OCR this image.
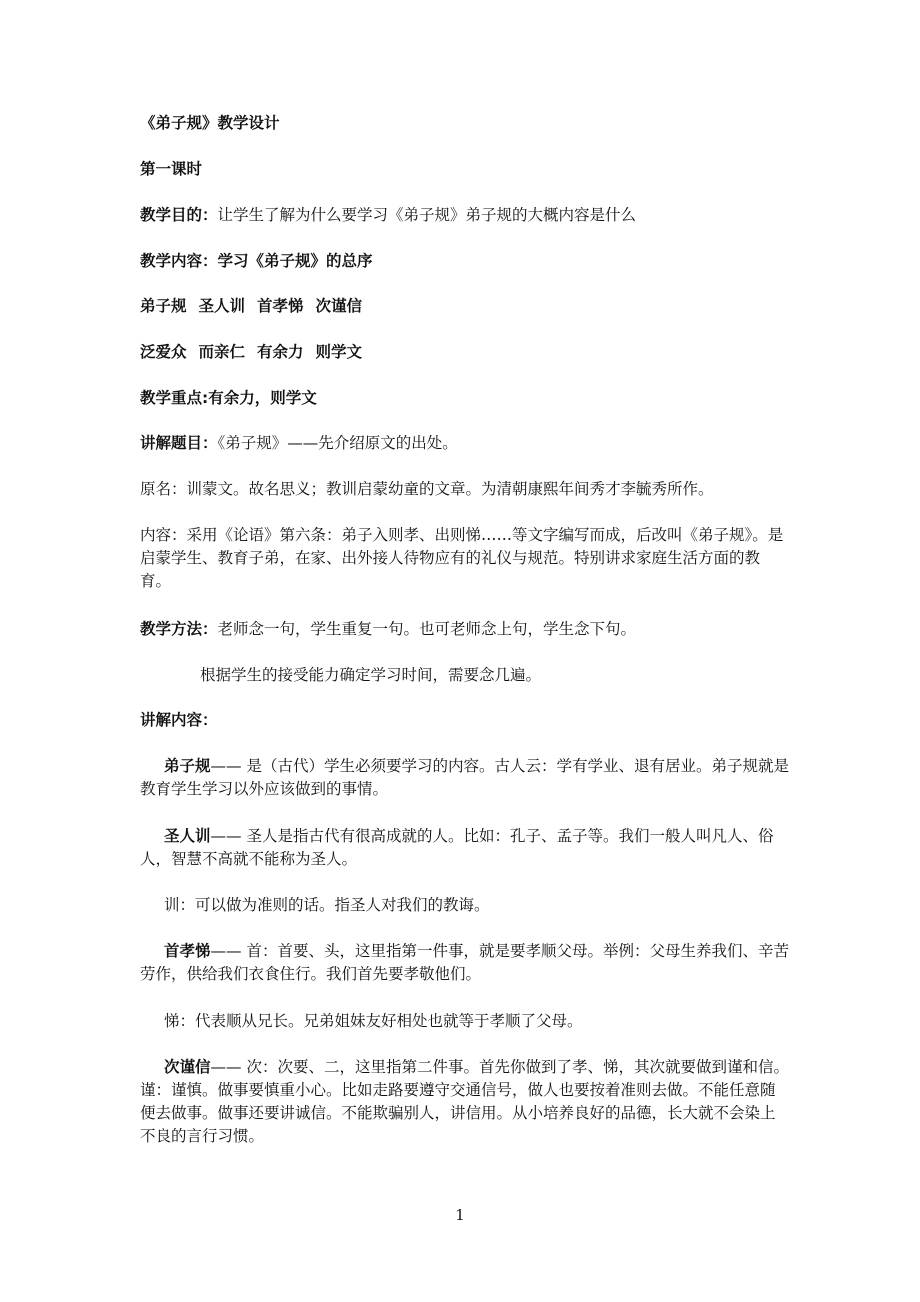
《弟子规》教学设计

第一课时

教学目的：让学生了解为什么要学习《弟子规》弟子规的大概内容是什么

教学内容：学习《弟子规》的总序

弟子规 圣人训 首孝悌 次谨信

泛爱众 而亲仁 有余力 则学文

教学重点:有余力，则学文

讲解题目：《弟子规》——先介绍原文的出处。

原名：训蒙文。故名思义；教训启蒙幼童的文章。为清朝康熙年间秀才李毓秀所作。

内容：采用《论语》第六条：弟子入则孝、出则悌……等文字编写而成，后改叫《弟子规》。是启蒙学生、教育子弟，在家、出外接人待物应有的礼仪与规范。特别讲求家庭生活方面的教育。

教学方法：老师念一句，学生重复一句。也可老师念上句，学生念下句。

根据学生的接受能力确定学习时间，需要念几遍。

讲解内容：

弟子规—— 是（古代）学生必须要学习的内容。古人云：学有学业、退有居业。弟子规就是教育学生学习以外应该做到的事情。

圣人训—— 圣人是指古代有很高成就的人。比如：孔子、孟子等。我们一般人叫凡人、俗人，智慧不高就不能称为圣人。

训：可以做为准则的话。指圣人对我们的教诲。

首孝悌—— 首：首要、头，这里指第一件事，就是要孝顺父母。举例：父母生养我们、辛苦劳作，供给我们衣食住行。我们首先要孝敬他们。

悌：代表顺从兄长。兄弟姐妹友好相处也就等于孝顺了父母。

次谨信—— 次：次要、二，这里指第二件事。首先你做到了孝、悌，其次就要做到谨和信。谨：谨慎。做事要慎重小心。比如走路要遵守交通信号，做人也要按着准则去做。不能任意随便去做事。做事还要讲诚信。不能欺骗别人，讲信用。从小培养良好的品德，长大就不会染上不良的言行习惯。

1
